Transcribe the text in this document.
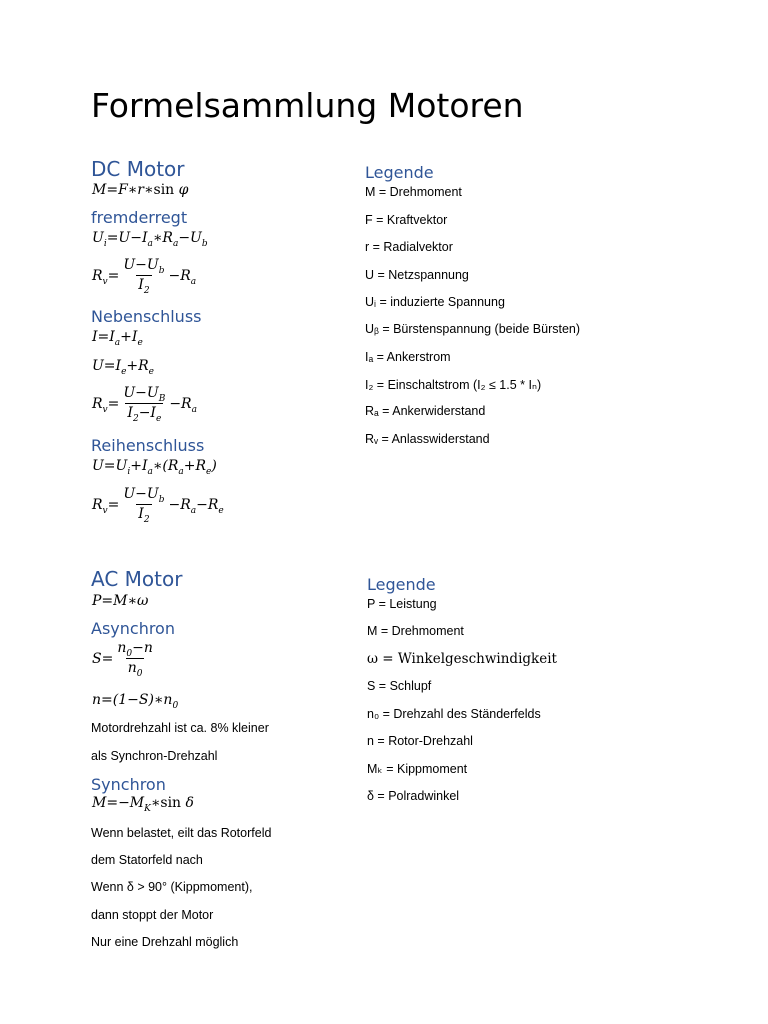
Formelsammlung Motoren
DC Motor
M=F∗r∗sin φ
fremderregt
$U_i=U-I_a∗R_a-U_b$
$R_v= \frac{U-U_b}{I_2} -R_a$
Nebenschluss
$I=I_a+I_e$
$U=I_e+R_e$
$R_v= \frac{U-U_B}{I_2-I_e} -R_a$
Reihenschluss
$U=U_i+I_a∗(R_a+R_e)$
$R_v= \frac{U-U_b}{I_2} -R_a-R_e$
Legende
M = Drehmoment
F = Kraftvektor
r = Radialvektor
U = Netzspannung
Uᵢ = induzierte Spannung
Uᵦ = Bürstenspannung (beide Bürsten)
Iₐ = Ankerstrom
I₂ = Einschaltstrom (I₂ ≤ 1.5 * Iₙ)
Rₐ = Ankerwiderstand
Rᵥ = Anlasswiderstand
AC Motor
P=M∗ω
Asynchron
$S= \frac{n_0-n}{n_0}$
$n=(1-S)∗n_0$
Motordrehzahl ist ca. 8% kleiner
als Synchron-Drehzahl
Synchron
$M=-M_K∗\sin$ δ
Wenn belastet, eilt das Rotorfeld
dem Statorfeld nach
Wenn δ > 90° (Kippmoment),
dann stoppt der Motor
Nur eine Drehzahl möglich
Legende
P = Leistung
M = Drehmoment
ω = Winkelgeschwindigkeit
S = Schlupf
n₀ = Drehzahl des Ständerfelds
n = Rotor-Drehzahl
Mₖ = Kippmoment
δ = Polradwinkel
